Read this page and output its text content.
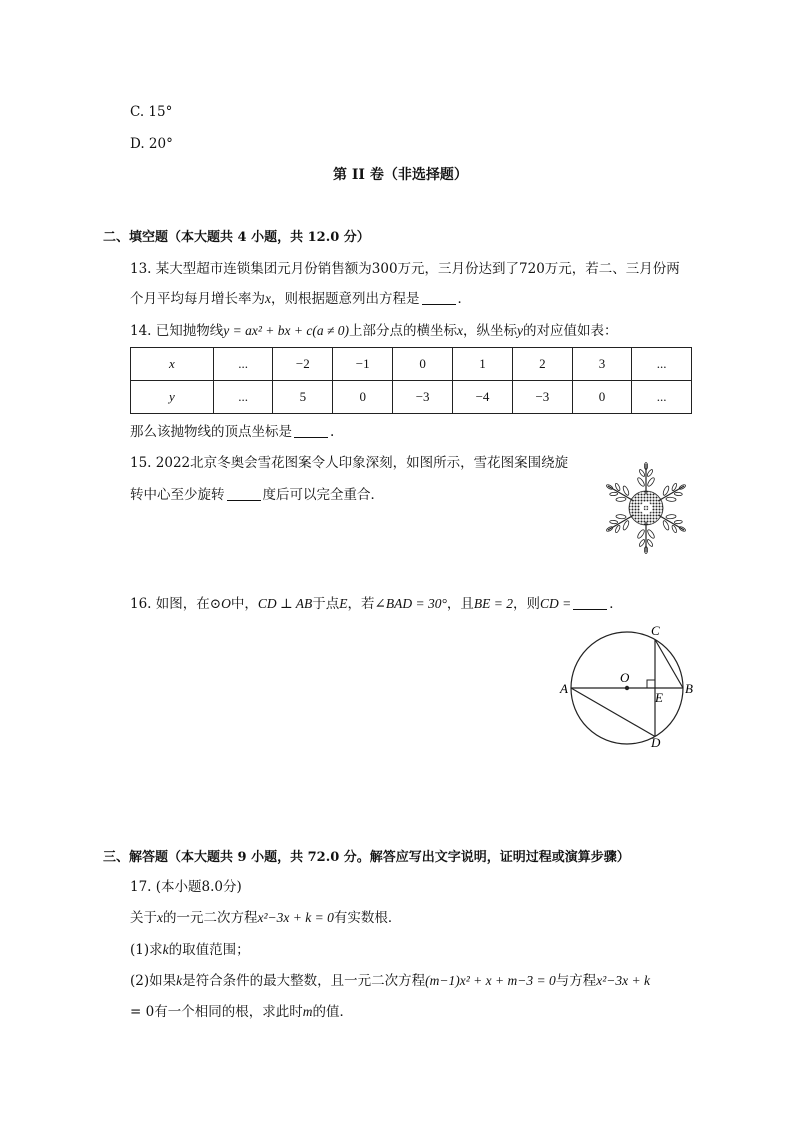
C. 15°
D. 20°
第 II 卷（非选择题）
二、填空题（本大题共 4 小题，共 12.0 分）
13. 某大型超市连锁集团元月份销售额为300万元，三月份达到了720万元，若二、三月份两
个月平均每月增长率为x，则根据题意列出方程是	．
14. 已知抛物线y = ax² + bx + c(a ≠ 0)上部分点的横坐标x，纵坐标y的对应值如表：
x	...	−2	−1	0	1	2	3	...
y	...	5	0	−3	−4	−3	0	...
那么该抛物线的顶点坐标是	.
15. 2022北京冬奥会雪花图案令人印象深刻，如图所示，雪花图案围绕旋
转中心至少旋转	度后可以完全重合．
16. 如图，在⊙O中，CD ⊥ AB于点E，若∠BAD = 30°，且BE = 2，则CD =	．
A	B
C
D
E
O
三、解答题（本大题共 9 小题，共 72.0 分。解答应写出文字说明，证明过程或演算步骤）
17. (本小题8.0分)
关于x的一元二次方程x²−3x + k = 0有实数根．
(1)求k的取值范围；
(2)如果k是符合条件的最大整数，且一元二次方程(m−1)x² + x + m−3 = 0与方程x²−3x + k
= 0有一个相同的根，求此时m的值．
